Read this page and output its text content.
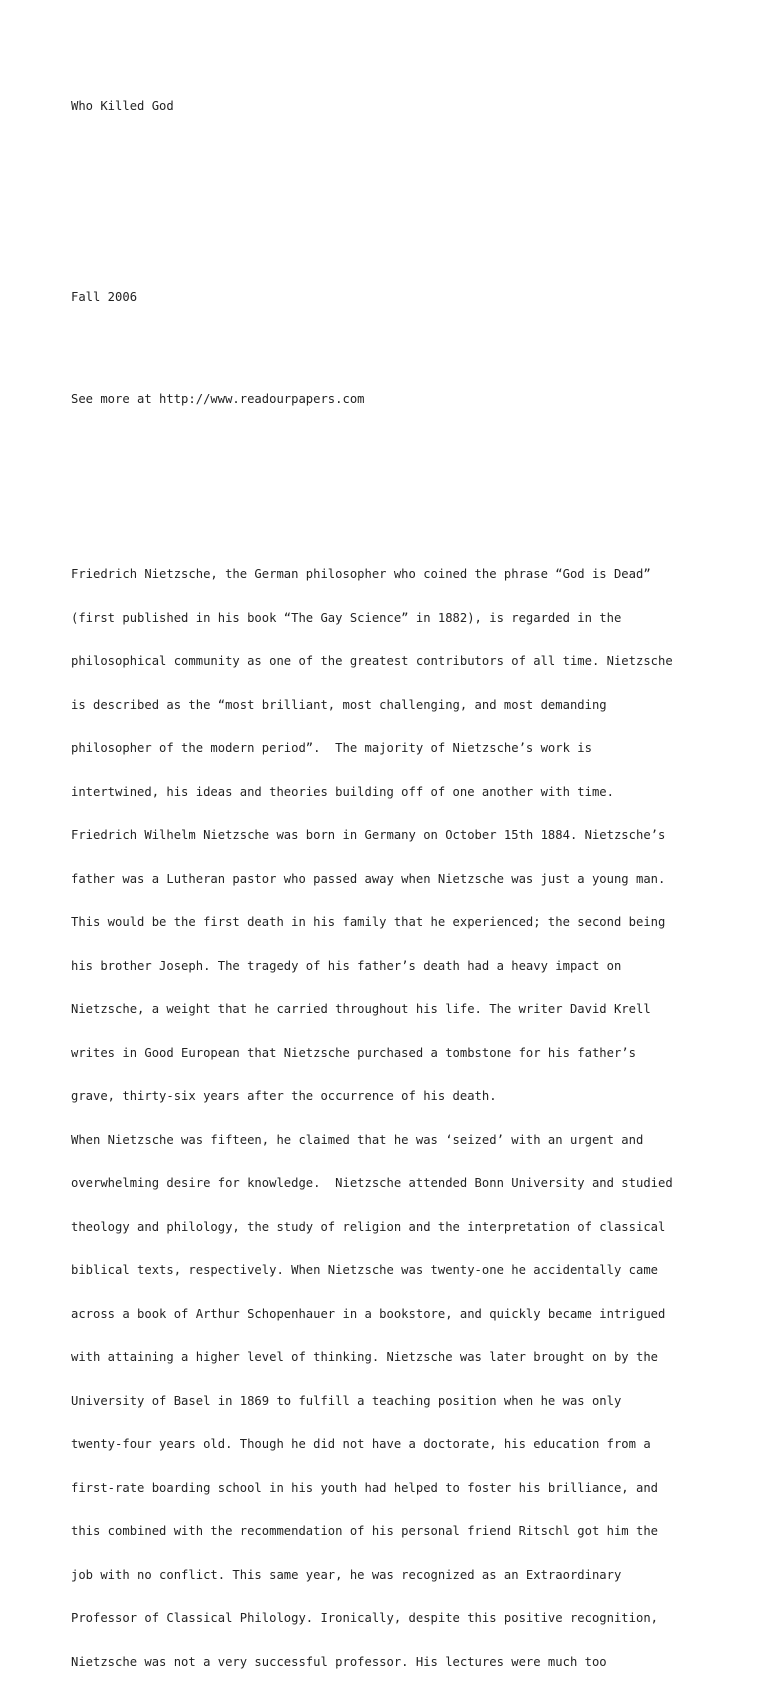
Who Killed God

Fall 2006

See more at http://www.readourpapers.com

Friedrich Nietzsche, the German philosopher who coined the phrase “God is Dead”

(first published in his book “The Gay Science” in 1882), is regarded in the

philosophical community as one of the greatest contributors of all time. Nietzsche

is described as the “most brilliant, most challenging, and most demanding

philosopher of the modern period”.  The majority of Nietzsche’s work is

intertwined, his ideas and theories building off of one another with time.

Friedrich Wilhelm Nietzsche was born in Germany on October 15th 1884. Nietzsche’s

father was a Lutheran pastor who passed away when Nietzsche was just a young man.

This would be the first death in his family that he experienced; the second being

his brother Joseph. The tragedy of his father’s death had a heavy impact on

Nietzsche, a weight that he carried throughout his life. The writer David Krell

writes in Good European that Nietzsche purchased a tombstone for his father’s

grave, thirty-six years after the occurrence of his death.

When Nietzsche was fifteen, he claimed that he was ‘seized’ with an urgent and

overwhelming desire for knowledge.  Nietzsche attended Bonn University and studied

theology and philology, the study of religion and the interpretation of classical

biblical texts, respectively. When Nietzsche was twenty-one he accidentally came

across a book of Arthur Schopenhauer in a bookstore, and quickly became intrigued

with attaining a higher level of thinking. Nietzsche was later brought on by the

University of Basel in 1869 to fulfill a teaching position when he was only

twenty-four years old. Though he did not have a doctorate, his education from a

first-rate boarding school in his youth had helped to foster his brilliance, and

this combined with the recommendation of his personal friend Ritschl got him the

job with no conflict. This same year, he was recognized as an Extraordinary

Professor of Classical Philology. Ironically, despite this positive recognition,

Nietzsche was not a very successful professor. His lectures were much too
